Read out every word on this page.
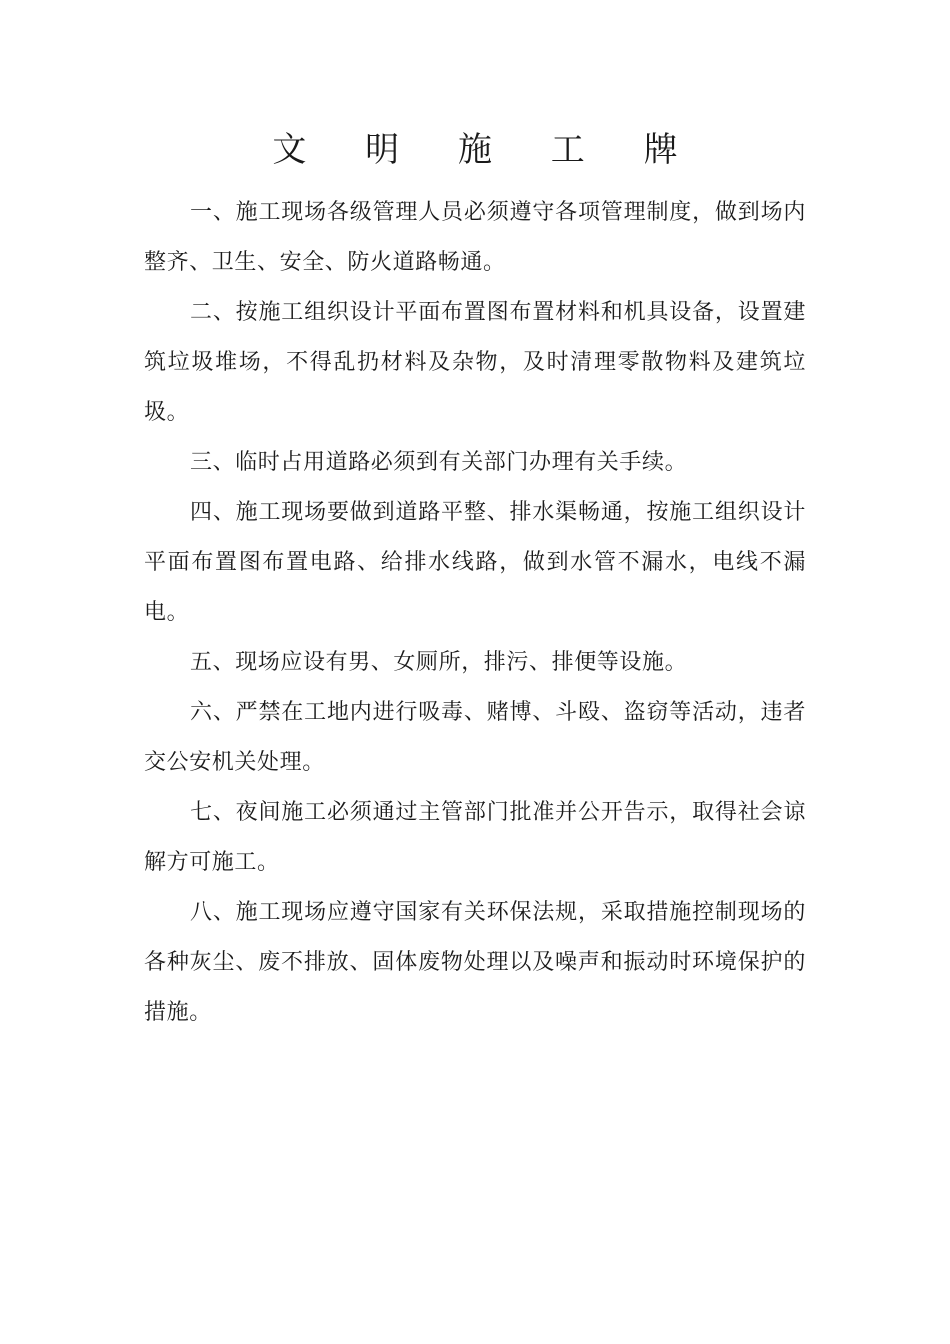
文 明 施 工 牌

一、施工现场各级管理人员必须遵守各项管理制度，做到场内整齐、卫生、安全、防火道路畅通。

二、按施工组织设计平面布置图布置材料和机具设备，设置建筑垃圾堆场，不得乱扔材料及杂物，及时清理零散物料及建筑垃圾。

三、临时占用道路必须到有关部门办理有关手续。

四、施工现场要做到道路平整、排水渠畅通，按施工组织设计平面布置图布置电路、给排水线路，做到水管不漏水，电线不漏电。

五、现场应设有男、女厕所，排污、排便等设施。

六、严禁在工地内进行吸毒、赌博、斗殴、盗窃等活动，违者交公安机关处理。

七、夜间施工必须通过主管部门批准并公开告示，取得社会谅解方可施工。

八、施工现场应遵守国家有关环保法规，采取措施控制现场的各种灰尘、废不排放、固体废物处理以及噪声和振动时环境保护的措施。
